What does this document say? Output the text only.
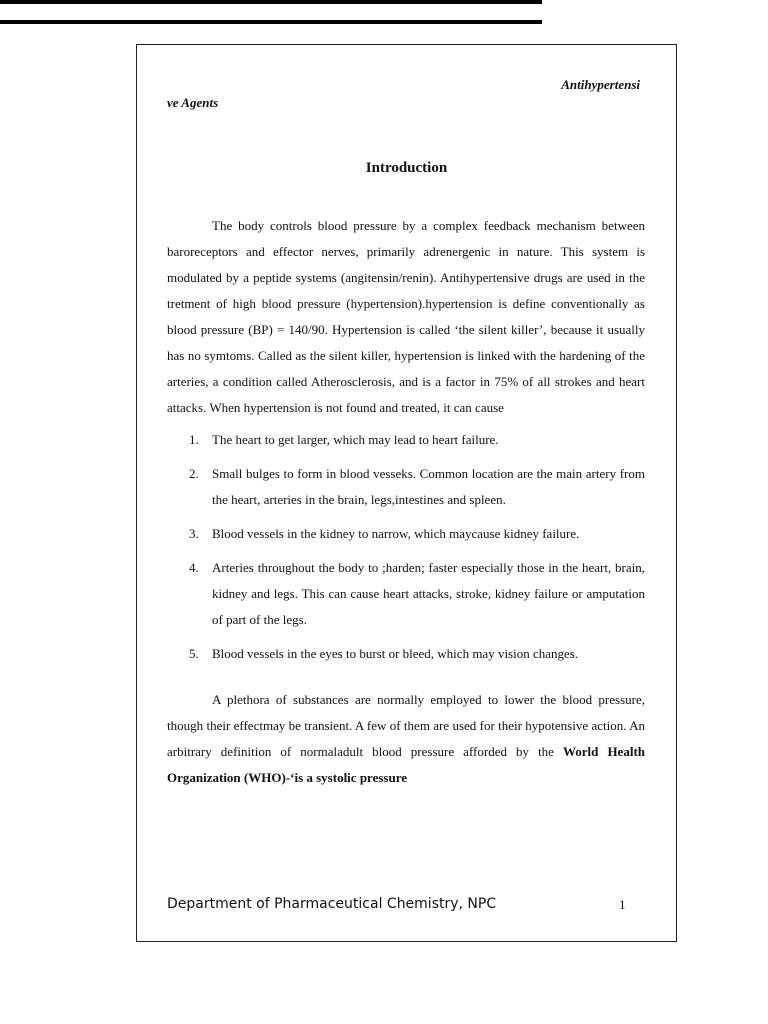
Antihypertensi
ve Agents
Introduction

The body controls blood pressure by a complex feedback mechanism between baroreceptors and effector nerves, primarily adrenergenic in nature. This system is modulated by a peptide systems (angitensin/renin). Antihypertensive drugs are used in the tretment of high blood pressure (hypertension).hypertension is define conventionally as blood pressure (BP) = 140/90. Hypertension is called ‘the silent killer’, because it usually has no symtoms. Called as the silent killer, hypertension is linked with the hardening of the arteries, a condition called Atherosclerosis, and is a factor in 75% of all strokes and heart attacks. When hypertension is not found and treated, it can cause

1. The heart to get larger, which may lead to heart failure.
2. Small bulges to form in blood vesseks. Common location are the main artery from the heart, arteries in the brain, legs,intestines and spleen.
3. Blood vessels in the kidney to narrow, which maycause kidney failure.
4. Arteries throughout the body to ;harden; faster especially those in the heart, brain, kidney and legs. This can cause heart attacks, stroke, kidney failure or amputation of part of the legs.
5. Blood vessels in the eyes to burst or bleed, which may vision changes.

A plethora of substances are normally employed to lower the blood pressure, though their effectmay be transient. A few of them are used for their hypotensive action. An arbitrary definition of normaladult blood pressure afforded by the World Health Organization (WHO)-‘is a systolic pressure

Department of Pharmaceutical Chemistry, NPC	1
